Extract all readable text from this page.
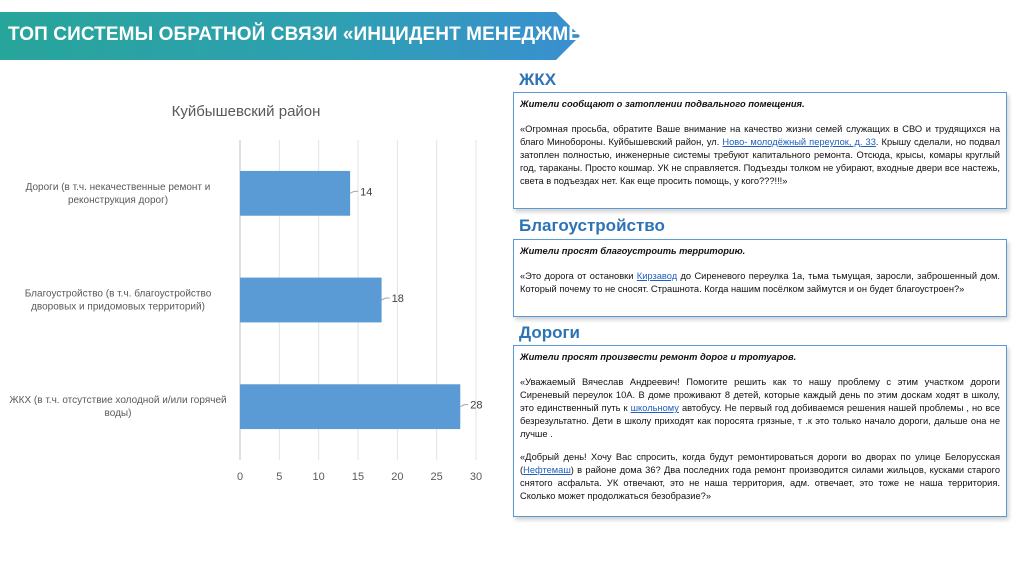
ТОП СИСТЕМЫ ОБРАТНОЙ СВЯЗИ «ИНЦИДЕНТ МЕНЕДЖМЕНТ»
Куйбышевский район
Дороги (в т.ч. некачественные ремонт и реконструкция дорог)
Благоустройство (в т.ч. благоустройство дворовых и придомовых территорий)
ЖКХ (в т.ч. отсутствие холодной и/или горячей воды)
14
18
28
0	5	10 15 20 25 30
ЖКХ
Жители сообщают о затоплении подвального помещения.

«Огромная просьба, обратите Ваше внимание на качество жизни семей служащих в СВО и трудящихся на благо Минобороны. Куйбышевский район, ул. Ново- молодёжный переулок, д. 33. Крышу сделали, но подвал затоплен полностью, инженерные системы требуют капитального ремонта. Отсюда, крысы, комары круглый год, тараканы. Просто кошмар. УК не справляется. Подъезды толком не убирают, входные двери все настежь, света в подъездах нет. Как еще просить помощь, у кого???!!!»

Благоустройство
Жители просят благоустроить территорию.

«Это дорога от остановки Кирзавод до Сиреневого переулка 1а, тьма тьмущая, заросли, заброшенный дом. Который почему то не сносят. Страшнота. Когда нашим посёлком займутся и он будет благоустроен?»

Дороги
Жители просят произвести ремонт дорог и тротуаров.

«Уважаемый Вячеслав Андреевич! Помогите решить как то нашу проблему с этим участком дороги Сиреневый переулок 10А. В доме проживают 8 детей, которые каждый день по этим доскам ходят в школу, это единственный путь к школьному автобусу. Не первый год добиваемся решения нашей проблемы , но все безрезультатно. Дети в школу приходят как поросята грязные, т .к это только начало дороги, дальше она не лучше .

«Добрый день! Хочу Вас спросить, когда будут ремонтироваться дороги во дворах по улице Белорусская (Нефтемаш) в районе дома 36? Два последних года ремонт производится силами жильцов, кусками старого снятого асфальта. УК отвечают, это не наша территория, адм. отвечает, это тоже не наша территория. Сколько может продолжаться безобразие?»
